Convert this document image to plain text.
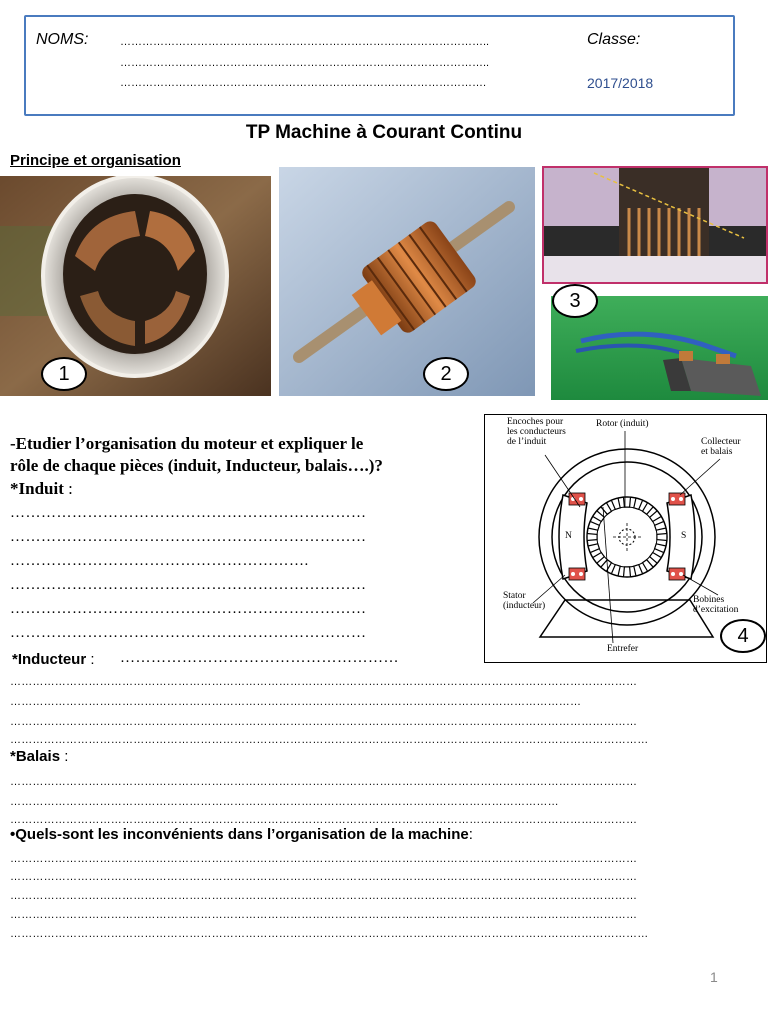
NOMS:	………………………………………………………………………………………..
………………………………………………………………………………………..
……………………………………………………………………………………….
Classe:
2017/2018
TP Machine à Courant Continu
Principe et organisation
1	2
3
-Etudier l’organisation du moteur et expliquer le
rôle de chaque pièces (induit, Inducteur, balais….)?
*Induit :
……………………………………………………………
……………………………………………………………
………………………………………………….
……………………………………………………………
……………………………………………………………
……………………………………………………………
*Inducteur : ………………………………………………
……………………………………………………………………………………………………………………………………………………
………………………………………………………………………………………………………………………………………
……………………………………………………………………………………………………………………………………………………
………………………………………………………………………………………………………………………………………………………
*Balais :
……………………………………………………………………………………………………………………………………………………
…………………………………………………………………………………………………………………………………
……………………………………………………………………………………………………………………………………………………
•Quels-sont les inconvénients dans l’organisation de la machine:
……………………………………………………………………………………………………………………………………………………
……………………………………………………………………………………………………………………………………………………
……………………………………………………………………………………………………………………………………………………
……………………………………………………………………………………………………………………………………………………
………………………………………………………………………………………………………………………………………………………
Encoches pour
les conducteurs
de l’induit
Rotor (induit)
Collecteur
et balais
N	S
Stator
(inducteur)
Bobines
d’excitation
Entrefer
4
1
